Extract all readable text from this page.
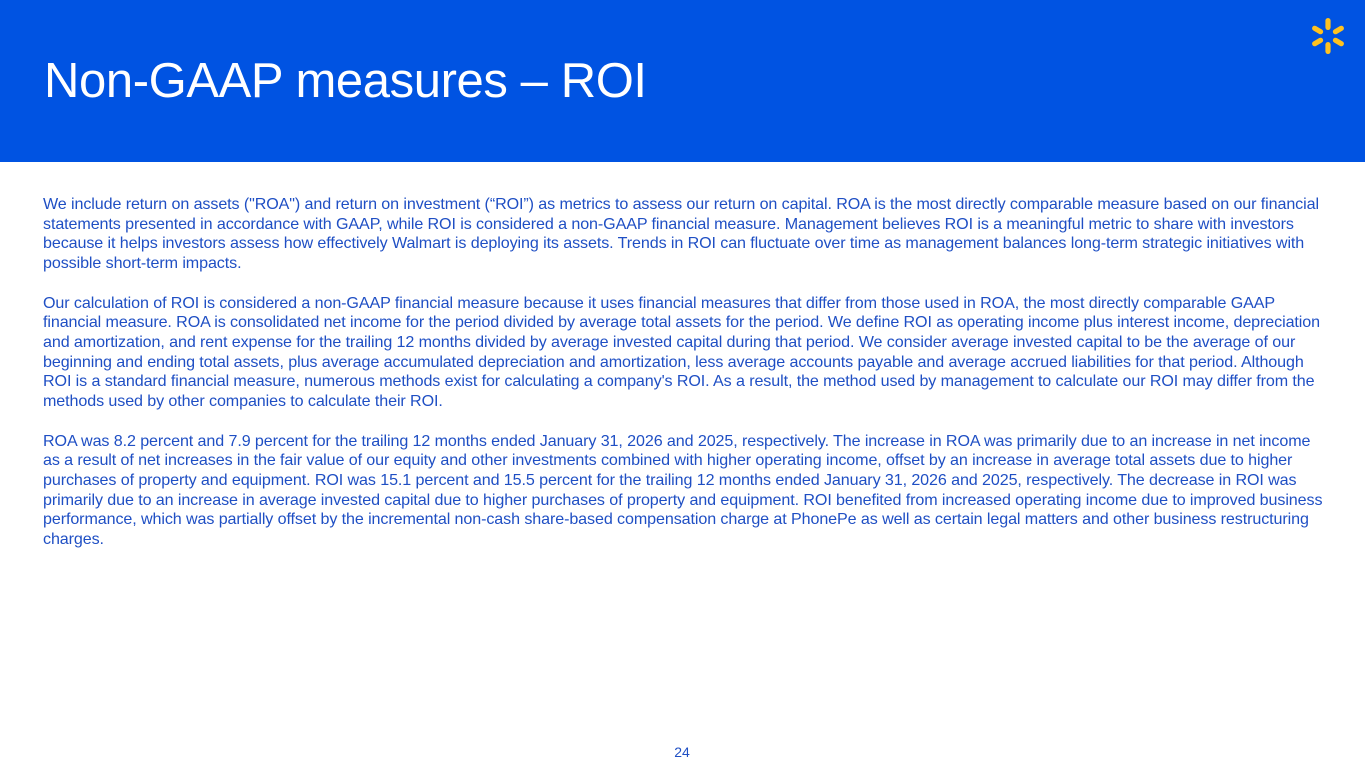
Non-GAAP measures – ROI

We include return on assets ("ROA") and return on investment (“ROI”) as metrics to assess our return on capital. ROA is the most directly comparable measure based on our financial statements presented in accordance with GAAP, while ROI is considered a non-GAAP financial measure. Management believes ROI is a meaningful metric to share with investors because it helps investors assess how effectively Walmart is deploying its assets. Trends in ROI can fluctuate over time as management balances long-term strategic initiatives with possible short-term impacts.

Our calculation of ROI is considered a non-GAAP financial measure because it uses financial measures that differ from those used in ROA, the most directly comparable GAAP financial measure. ROA is consolidated net income for the period divided by average total assets for the period. We define ROI as operating income plus interest income, depreciation and amortization, and rent expense for the trailing 12 months divided by average invested capital during that period. We consider average invested capital to be the average of our beginning and ending total assets, plus average accumulated depreciation and amortization, less average accounts payable and average accrued liabilities for that period. Although ROI is a standard financial measure, numerous methods exist for calculating a company's ROI. As a result, the method used by management to calculate our ROI may differ from the methods used by other companies to calculate their ROI.

ROA was 8.2 percent and 7.9 percent for the trailing 12 months ended January 31, 2026 and 2025, respectively. The increase in ROA was primarily due to an increase in net income as a result of net increases in the fair value of our equity and other investments combined with higher operating income, offset by an increase in average total assets due to higher purchases of property and equipment. ROI was 15.1 percent and 15.5 percent for the trailing 12 months ended January 31, 2026 and 2025, respectively. The decrease in ROI was primarily due to an increase in average invested capital due to higher purchases of property and equipment. ROI benefited from increased operating income due to improved business performance, which was partially offset by the incremental non-cash share-based compensation charge at PhonePe as well as certain legal matters and other business restructuring charges.

24
